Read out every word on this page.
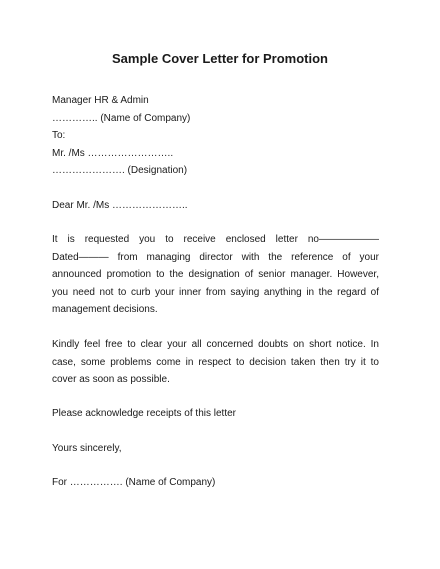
Sample Cover Letter for Promotion
Manager HR & Admin
………….. (Name of Company)
To:
Mr. /Ms ……………………..
…………………. (Designation)
Dear Mr. /Ms …………………..
It is requested you to receive enclosed letter no——————
Dated——— from managing director with the reference of your
announced promotion to the designation of senior manager. However,
you need not to curb your inner from saying anything in the regard of
management decisions.
Kindly feel free to clear your all concerned doubts on short notice. In
case, some problems come in respect to decision taken then try it to
cover as soon as possible.
Please acknowledge receipts of this letter
Yours sincerely,
For ……………. (Name of Company)
